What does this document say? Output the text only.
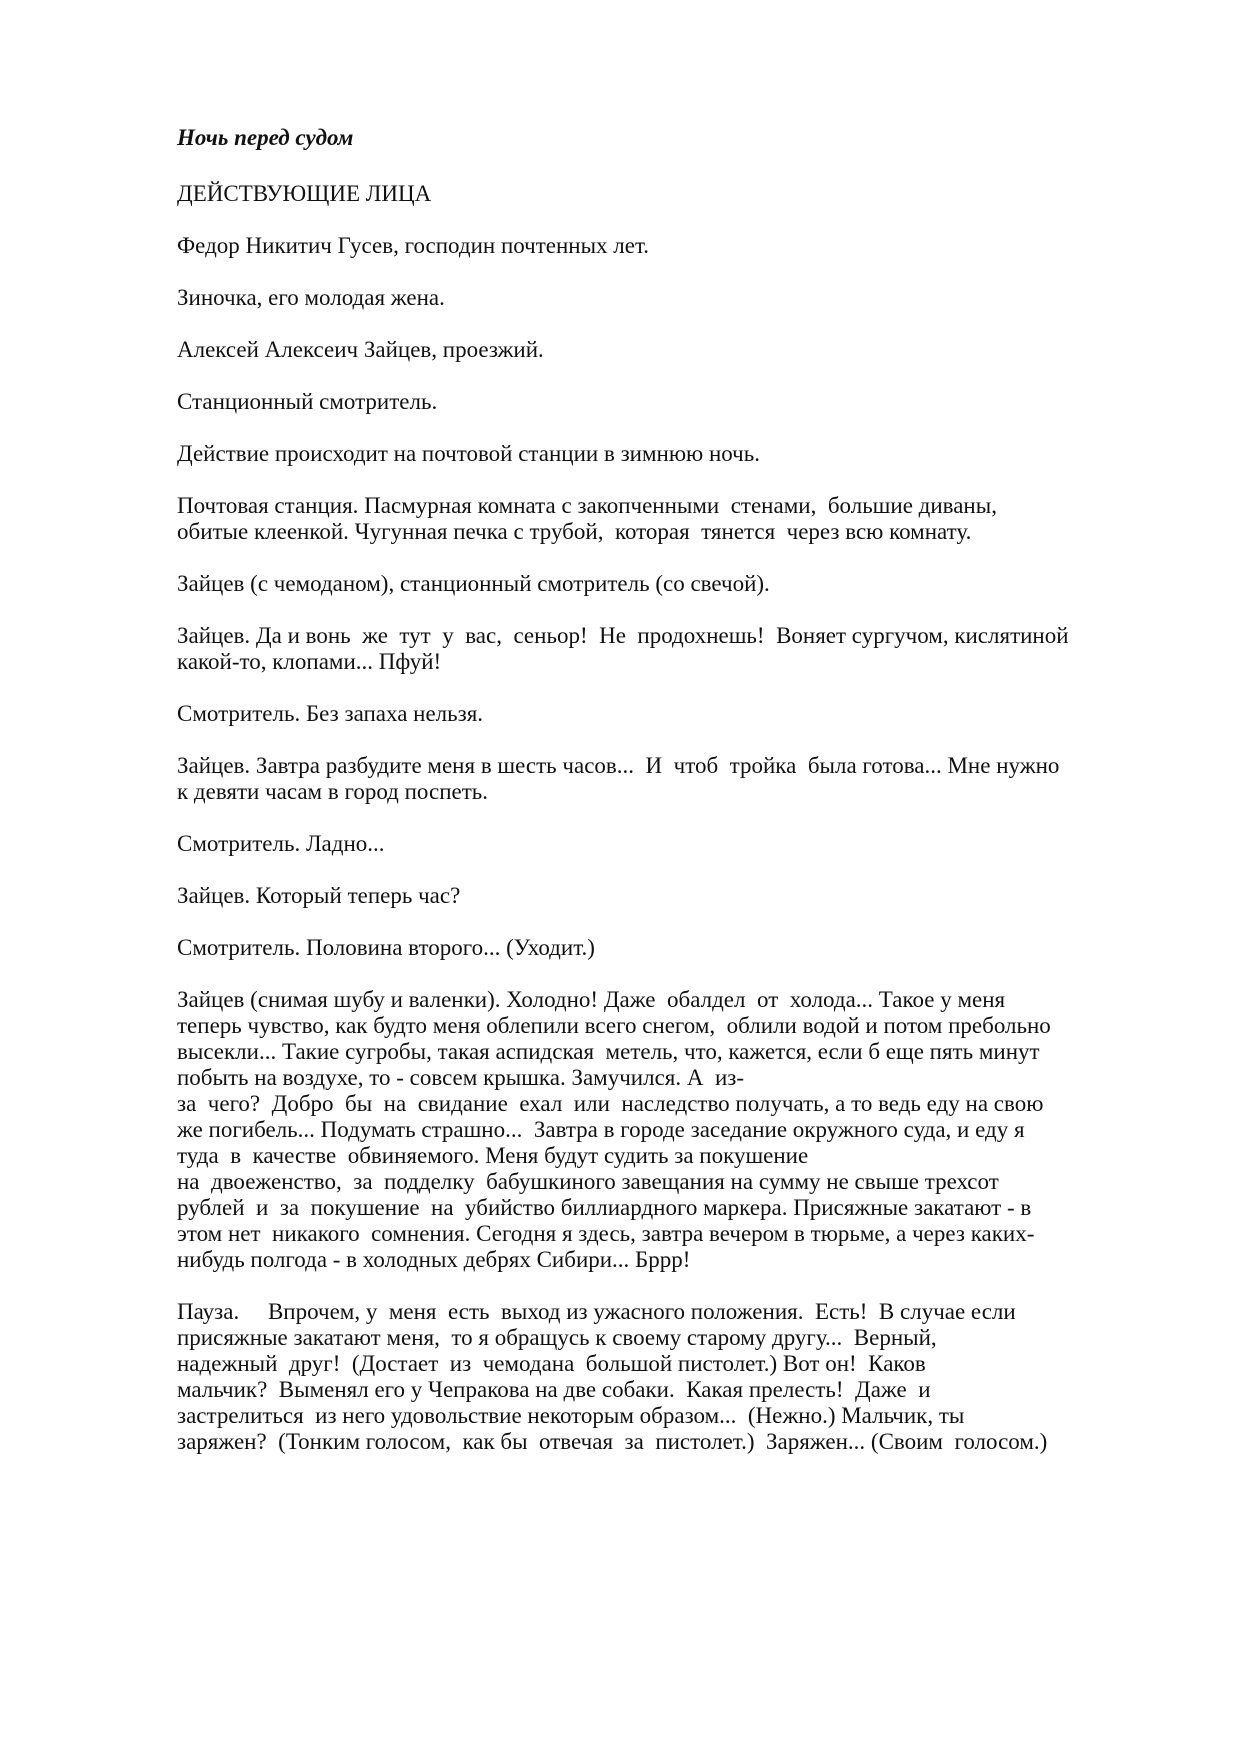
Ночь перед судом
ДЕЙСТВУЮЩИЕ ЛИЦА
Федор Никитич Гусев, господин почтенных лет.
Зиночка, его молодая жена.
Алексей Алексеич Зайцев, проезжий.
Станционный смотритель.
Действие происходит на почтовой станции в зимнюю ночь.
Почтовая станция. Пасмурная комната с закопченными  стенами,  большие диваны,
обитые клеенкой. Чугунная печка с трубой,  которая  тянется  через всю комнату.
Зайцев (с чемоданом), станционный смотритель (со свечой).
Зайцев. Да и вонь  же  тут  у  вас,  сеньор!  Не  продохнешь!  Воняет сургучом, кислятиной
какой-то, клопами... Пфуй!
Смотритель. Без запаха нельзя.
Зайцев. Завтра разбудите меня в шесть часов...  И  чтоб  тройка  была готова... Мне нужно
к девяти часам в город поспеть.
Смотритель. Ладно...
Зайцев. Который теперь час?
Смотритель. Половина второго... (Уходит.)
Зайцев (снимая шубу и валенки). Холодно! Даже  обалдел  от  холода... Такое у меня
теперь чувство, как будто меня облепили всего снегом,  облили водой и потом пребольно
высекли... Такие сугробы, такая аспидская  метель, что, кажется, если б еще пять минут
побыть на воздухе, то - совсем крышка. Замучился. А  из-
за  чего?  Добро  бы  на  свидание  ехал  или  наследство получать, а то ведь еду на свою
же погибель... Подумать страшно...  Завтра в городе заседание окружного суда, и еду я
туда  в  качестве  обвиняемого. Меня будут судить за покушение
на  двоеженство,  за  подделку  бабушкиного завещания на сумму не свыше трехсот
рублей  и  за  покушение  на  убийство биллиардного маркера. Присяжные закатают - в
этом нет  никакого  сомнения. Сегодня я здесь, завтра вечером в тюрьме, а через каких-
нибудь полгода - в холодных дебрях Сибири... Бррр!
Пауза.     Впрочем, у  меня  есть  выход из ужасного положения.  Есть!  В случае если
присяжные закатают меня,  то я обращусь к своему старому другу...  Верный,
надежный  друг!  (Достает  из  чемодана  большой пистолет.) Вот он!  Каков
мальчик?  Выменял его у Чепракова на две собаки.  Какая прелесть!  Даже  и
застрелиться  из него удовольствие некоторым образом...  (Нежно.) Мальчик, ты
заряжен?  (Тонким голосом,  как бы  отвечая  за  пистолет.)  Заряжен... (Своим  голосом.)
